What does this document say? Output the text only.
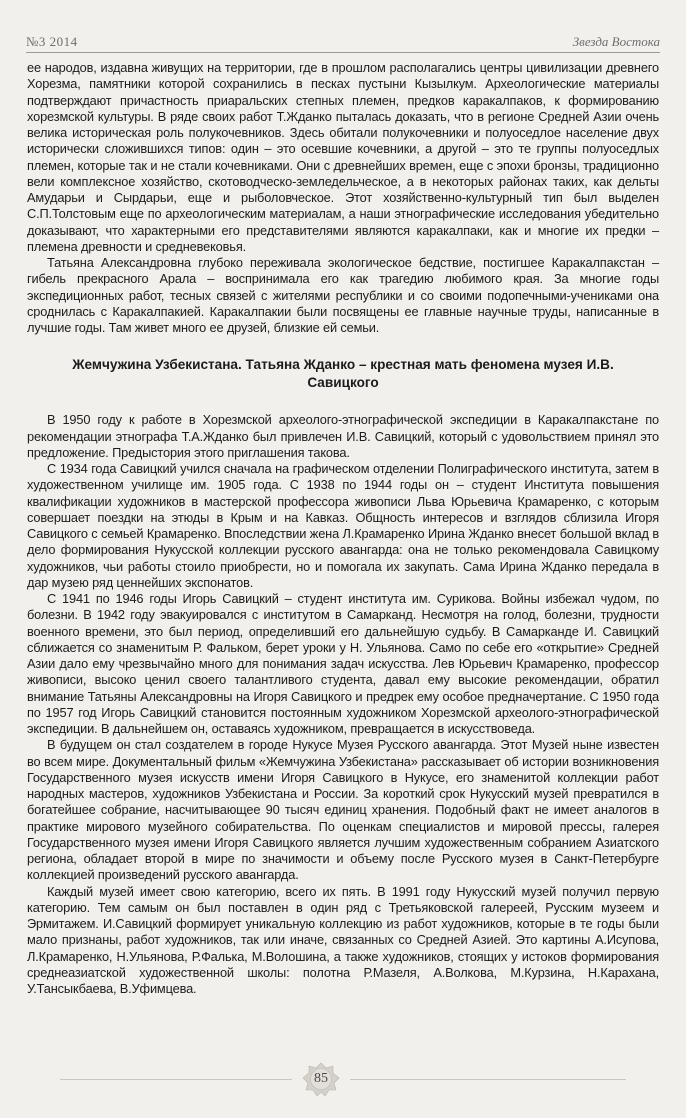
№3 2014	Звезда Востока

ее народов, издавна живущих на территории, где в прошлом располагались центры цивилизации древнего Хорезма, памятники которой сохранились в песках пустыни Кызылкум. Археологические материалы подтверждают причастность приаральских степных племен, предков каракалпаков, к формированию хорезмской культуры. В ряде своих работ Т.Жданко пыталась доказать, что в регионе Средней Азии очень велика историческая роль полукочевников. Здесь обитали полукочевники и полуоседлое население двух исторически сложившихся типов: один – это осевшие кочевники, а другой – это те группы полуоседлых племен, которые так и не стали кочевниками. Они с древнейших времен, еще с эпохи бронзы, традиционно вели комплексное хозяйство, скотоводческо-земледельческое, а в некоторых районах таких, как дельты Амударьи и Сырдарьи, еще и рыболовческое. Этот хозяйственно-культурный тип был выделен С.П.Толстовым еще по археологическим материалам, а наши этнографические исследования убедительно доказывают, что характерными его представителями являются каракалпаки, как и многие их предки – племена древности и средневековья.

Татьяна Александровна глубоко переживала экологическое бедствие, постигшее Каракалпакстан – гибель прекрасного Арала – воспринимала его как трагедию любимого края. За многие годы экспедиционных работ, тесных связей с жителями республики и со своими подопечными-учениками она сроднилась с Каракалпакией. Каракалпакии были посвящены ее главные научные труды, написанные в лучшие годы. Там живет много ее друзей, близкие ей семьи.

Жемчужина Узбекистана. Татьяна Жданко – крестная мать феномена музея И.В. Савицкого

В 1950 году к работе в Хорезмской археолого-этнографической экспедиции в Каракалпакстане по рекомендации этнографа Т.А.Жданко был привлечен И.В. Савицкий, который с удовольствием принял это предложение. Предыстория этого приглашения такова.

С 1934 года Савицкий учился сначала на графическом отделении Полиграфического института, затем в художественном училище им. 1905 года. С 1938 по 1944 годы он – студент Института повышения квалификации художников в мастерской профессора живописи Льва Юрьевича Крамаренко, с которым совершает поездки на этюды в Крым и на Кавказ. Общность интересов и взглядов сблизила Игоря Савицкого с семьей Крамаренко. Впоследствии жена Л.Крамаренко Ирина Жданко внесет большой вклад в дело формирования Нукусской коллекции русского авангарда: она не только рекомендовала Савицкому художников, чьи работы стоило приобрести, но и помогала их закупать. Сама Ирина Жданко передала в дар музею ряд ценнейших экспонатов.

С 1941 по 1946 годы Игорь Савицкий – студент института им. Сурикова. Войны избежал чудом, по болезни. В 1942 году эвакуировался с институтом в Самарканд. Несмотря на голод, болезни, трудности военного времени, это был период, определивший его дальнейшую судьбу. В Самарканде И. Савицкий сближается со знаменитым Р. Фальком, берет уроки у Н. Ульянова. Само по себе его «открытие» Средней Азии дало ему чрезвычайно много для понимания задач искусства. Лев Юрьевич Крамаренко, профессор живописи, высоко ценил своего талантливого студента, давал ему высокие рекомендации, обратил внимание Татьяны Александровны на Игоря Савицкого и предрек ему особое предначертание. С 1950 года по 1957 год Игорь Савицкий становится постоянным художником Хорезмской археолого-этнографической экспедиции. В дальнейшем он, оставаясь художником, превращается в искусствоведа.

В будущем он стал создателем в городе Нукусе Музея Русского авангарда. Этот Музей ныне известен во всем мире. Документальный фильм «Жемчужина Узбекистана» рассказывает об истории возникновения Государственного музея искусств имени Игоря Савицкого в Нукусе, его знаменитой коллекции работ народных мастеров, художников Узбекистана и России. За короткий срок Нукусский музей превратился в богатейшее собрание, насчитывающее 90 тысяч единиц хранения. Подобный факт не имеет аналогов в практике мирового музейного собирательства. По оценкам специалистов и мировой прессы, галерея Государственного музея имени Игоря Савицкого является лучшим художественным собранием Азиатского региона, обладает второй в мире по значимости и объему после Русского музея в Санкт-Петербурге коллекцией произведений русского авангарда.

Каждый музей имеет свою категорию, всего их пять. В 1991 году Нукусский музей получил первую категорию. Тем самым он был поставлен в один ряд с Третьяковской галереей, Русским музеем и Эрмитажем. И.Савицкий формирует уникальную коллекцию из работ художников, которые в те годы были мало признаны, работ художников, так или иначе, связанных со Средней Азией. Это картины А.Исупова, Л.Крамаренко, Н.Ульянова, Р.Фалька, М.Волошина, а также художников, стоящих у истоков формирования среднеазиатской художественной школы: полотна Р.Мазеля, А.Волкова, М.Курзина, Н.Карахана, У.Тансыкбаева, В.Уфимцева.

85
